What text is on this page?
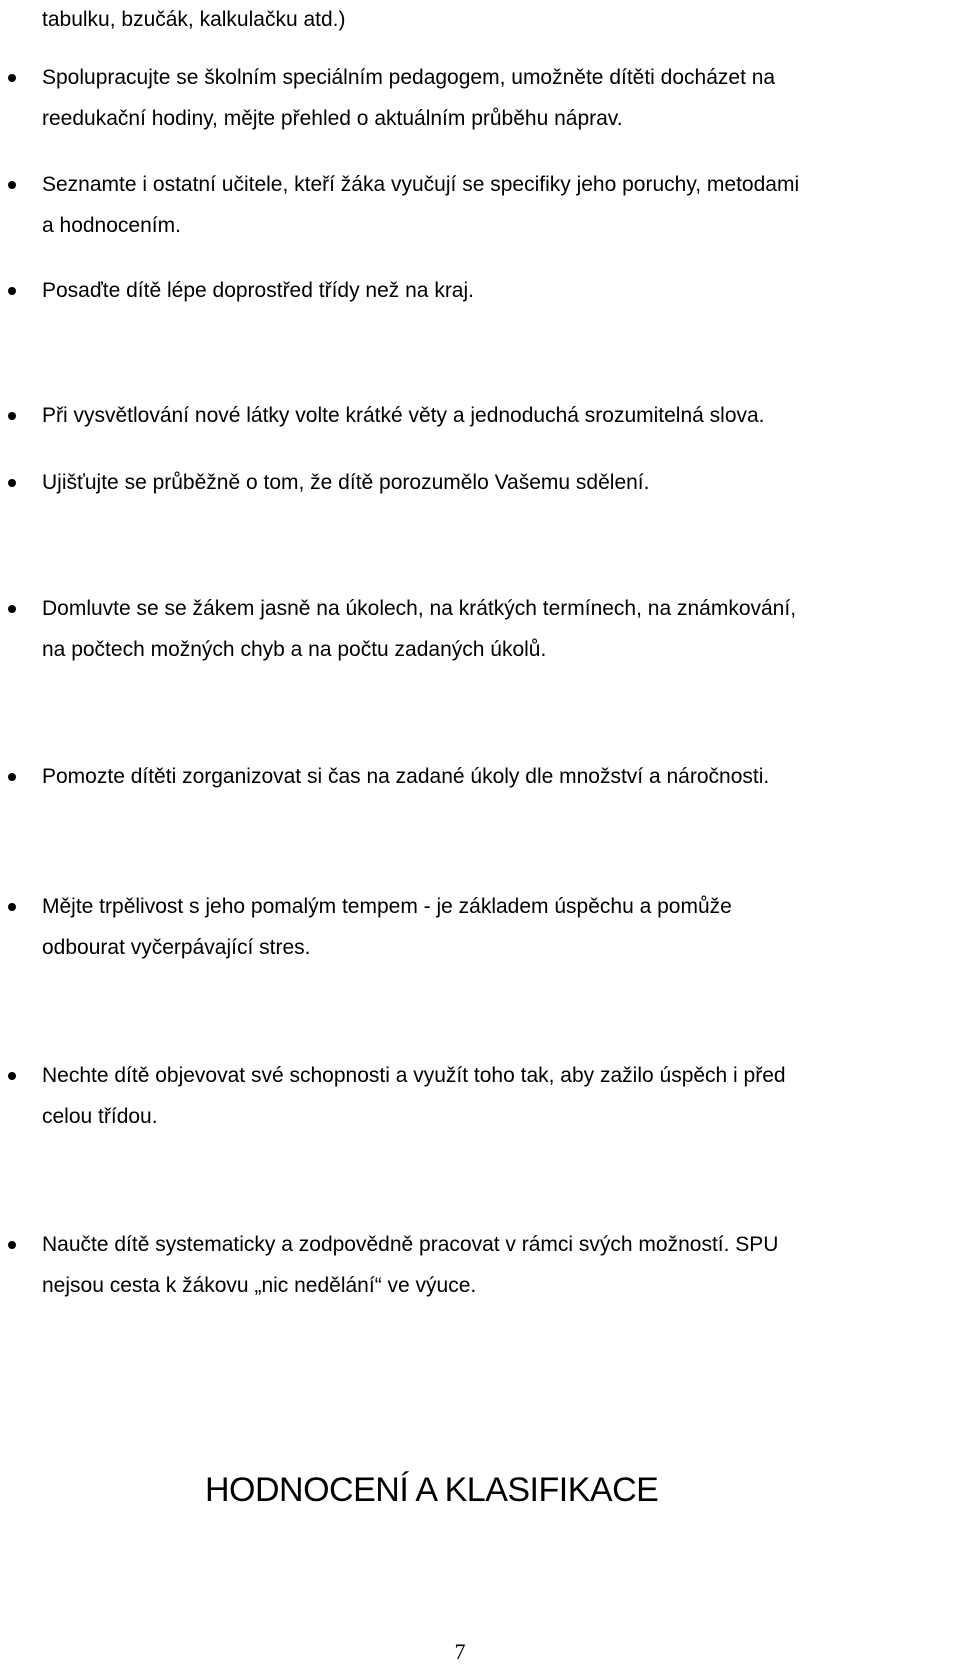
tabulku, bzučák, kalkulačku atd.)
Spolupracujte se školním speciálním pedagogem, umožněte dítěti docházet na
reedukační hodiny, mějte přehled o aktuálním průběhu náprav.
Seznamte i ostatní učitele, kteří žáka vyučují se specifiky jeho poruchy, metodami
a hodnocením.
Posaďte dítě lépe doprostřed třídy než na kraj.
Při vysvětlování nové látky volte krátké věty a jednoduchá srozumitelná slova.
Ujišťujte se průběžně o tom, že dítě porozumělo Vašemu sdělení.
Domluvte se se žákem jasně na úkolech, na krátkých termínech, na známkování,
na počtech možných chyb a na počtu zadaných úkolů.
Pomozte dítěti zorganizovat si čas na zadané úkoly dle množství a náročnosti.
Mějte trpělivost s jeho pomalým tempem - je základem úspěchu a pomůže
odbourat vyčerpávající stres.
Nechte dítě objevovat své schopnosti a využít toho tak, aby zažilo úspěch i před
celou třídou.
Naučte dítě systematicky a zodpovědně pracovat v rámci svých možností. SPU
nejsou cesta k žákovu „nic nedělání“ ve výuce.
HODNOCENÍ A KLASIFIKACE
7
